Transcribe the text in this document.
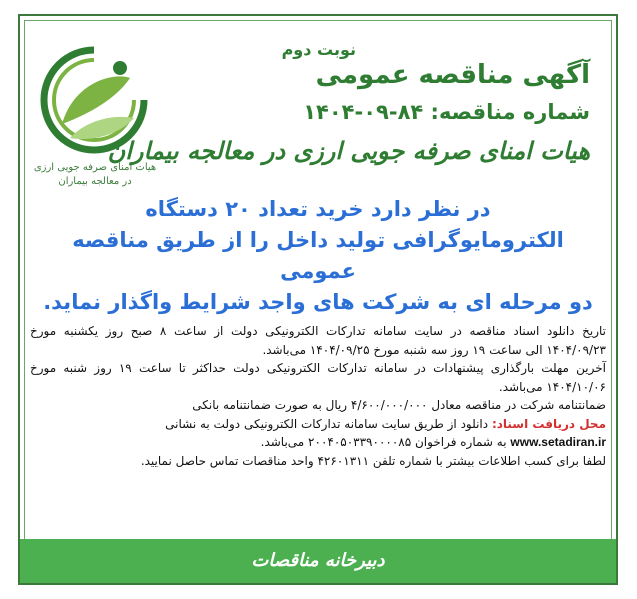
هیات امنای صرفه جویی ارزی
در معالجه بیماران
نوبت دوم
آگهی مناقصه عمومی
شماره مناقصه: ۸۴-۰۹-۱۴۰۴
هیات امنای صرفه جویی ارزی در معالجه بیماران
در نظر دارد خرید تعداد ۲۰ دستگاه
الکترومایوگرافی تولید داخل را از طریق مناقصه عمومی
دو مرحله ای به شرکت های واجد شرایط واگذار نماید.

تاریخ دانلود اسناد مناقصه در سایت سامانه تدارکات الکترونیکی دولت از ساعت ۸ صبح روز یکشنبه مورخ ۱۴۰۴/۰۹/۲۳ الی ساعت ۱۹ روز سه شنبه مورخ ۱۴۰۴/۰۹/۲۵ می‌باشد.

آخرین مهلت بارگذاری پیشنهادات در سامانه تدارکات الکترونیکی دولت حداکثر تا ساعت ۱۹ روز شنبه مورخ ۱۴۰۴/۱۰/۰۶ می‌باشد.

ضمانتنامه شرکت در مناقصه معادل ۴/۶۰۰/۰۰۰/۰۰۰ ریال به صورت ضمانتنامه بانکی

محل دریافت اسناد: دانلود از طریق سایت سامانه تدارکات الکترونیکی دولت به نشانی

www.setadiran.ir به شماره فراخوان ۲۰۰۴۰۵۰۳۳۹۰۰۰۰۸۵ می‌باشد.

لطفا برای کسب اطلاعات بیشتر با شماره تلفن ۴۲۶۰۱۳۱۱ واحد مناقصات تماس حاصل نمایید.

دبیرخانه مناقصات
